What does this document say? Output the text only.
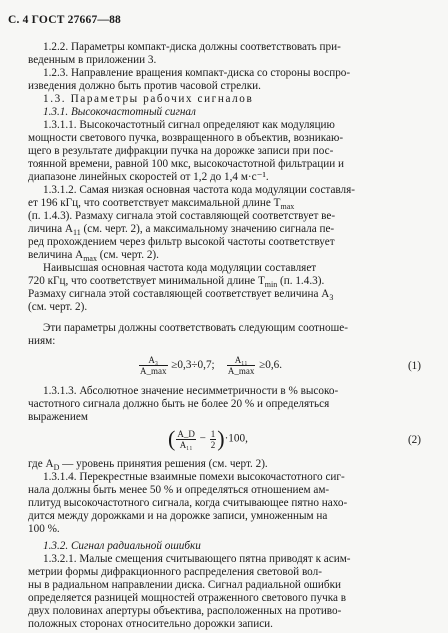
С. 4 ГОСТ 27667—88
1.2.2. Параметры компакт-диска должны соответствовать при-
веденным в приложении 3.
1.2.3. Направление вращения компакт-диска со стороны воспро-
изведения должно быть против часовой стрелки.
1.3. Параметры рабочих сигналов
1.3.1. Высокочастотный сигнал
1.3.1.1. Высокочастотный сигнал определяют как модуляцию
мощности светового пучка, возвращенного в объектив, возникаю-
щего в результате дифракции пучка на дорожке записи при пос-
тоянной времени, равной 100 мкс, высокочастотной фильтрации и
диапазоне линейных скоростей от 1,2 до 1,4 м·с⁻¹.
1.3.1.2. Самая низкая основная частота кода модуляции составля-
ет 196 кГц, что соответствует максимальной длине $T_{max}$
(п. 1.4.3). Размаху сигнала этой составляющей соответствует ве-
личина $A_{11}$ (см. черт. 2), а максимальному значению сигнала пе-
ред прохождением через фильтр высокой частоты соответствует
величина $A_{max}$ (см. черт. 2).
Наивысшая основная частота кода модуляции составляет
720 кГц, что соответствует минимальной длине $T_{min}$ (п. 1.4.3).
Размаху сигнала этой составляющей соответствует величина $A_3$
(см. черт. 2).
Эти параметры должны соответствовать следующим соотноше-
ниям:
$\frac{\text{A₃}}{A\_\max} \ge 0,3\div 0,7$; $\frac{\text{A₁₁}}{A\_\max} \ge 0,6$.	(1)
1.3.1.3. Абсолютное значение несимметричности в % высоко-
частотного сигнала должно быть не более 20 % и определяться
выражением
( $\frac{A\_D}{\text{A₁₁}} - \frac{1}{2} )\cdot 100$,	(2)
где $A_D$ — уровень принятия решения (см. черт. 2).
1.3.1.4. Перекрестные взаимные помехи высокочастотного сиг-
нала должны быть менее 50 % и определяться отношением ам-
плитуд высокочастотного сигнала, когда считывающее пятно нахо-
дится между дорожками и на дорожке записи, умноженным на
100 %.
1.3.2. Сигнал радиальной ошибки
1.3.2.1. Малые смещения считывающего пятна приводят к асим-
метрии формы дифракционного распределения световой вол-
ны в радиальном направлении диска. Сигнал радиальной ошибки
определяется разницей мощностей отраженного светового пучка в
двух половинах апертуры объектива, расположенных на противо-
положных сторонах относительно дорожки записи.
